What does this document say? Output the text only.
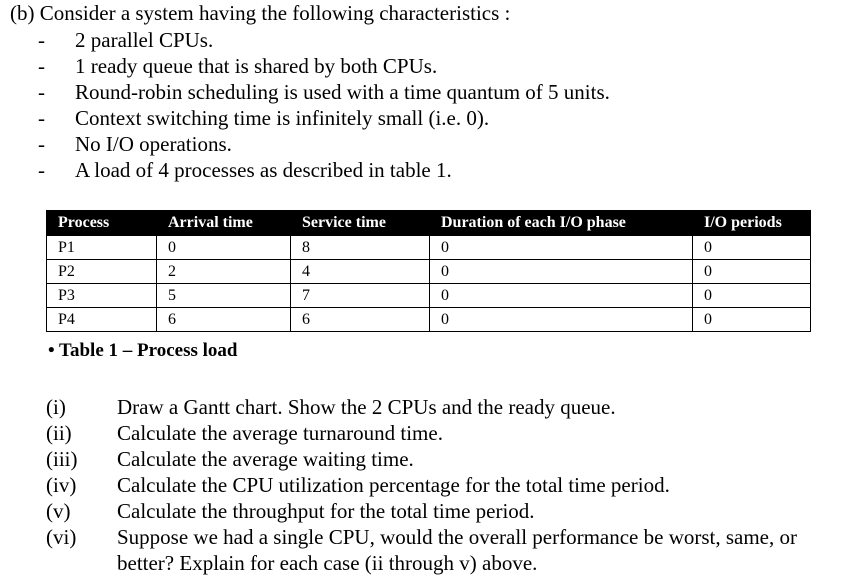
(b) Consider a system having the following characteristics :
- 2 parallel CPUs.
- 1 ready queue that is shared by both CPUs.
- Round-robin scheduling is used with a time quantum of 5 units.
- Context switching time is infinitely small (i.e. 0).
- No I/O operations.
- A load of 4 processes as described in table 1.
Process	Arrival time	Service time	Duration of each I/O phase	I/O periods
P1	0	8	0	0
P2	2	4	0	0
P3	5	7	0	0
P4	6	6	0	0
• Table 1 – Process load
(i)	Draw a Gantt chart. Show the 2 CPUs and the ready queue.
(ii)	Calculate the average turnaround time.
(iii)	Calculate the average waiting time.
(iv)	Calculate the CPU utilization percentage for the total time period.
(v)	Calculate the throughput for the total time period.
(vi)	Suppose we had a single CPU, would the overall performance be worst, same, or better? Explain for each case (ii through v) above.
